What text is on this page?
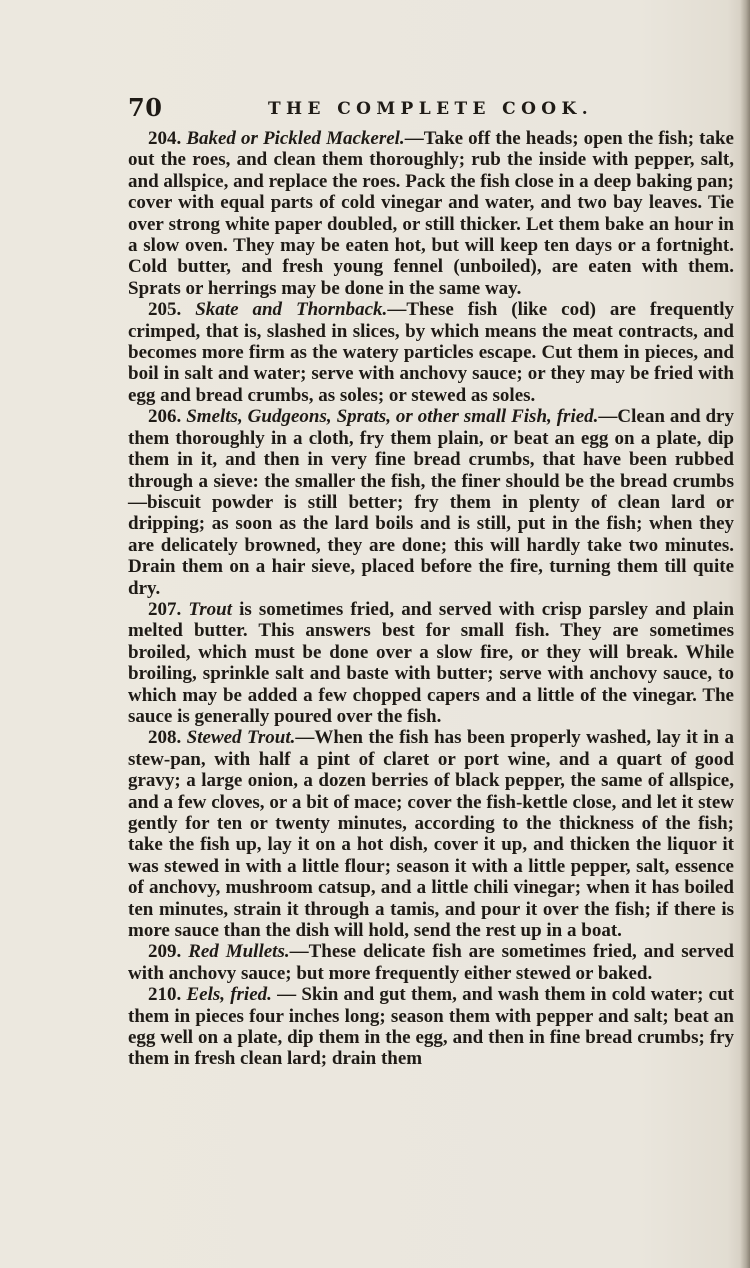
70	THE COMPLETE COOK.

204. Baked or Pickled Mackerel.—Take off the heads; open the fish; take out the roes, and clean them thoroughly; rub the inside with pepper, salt, and allspice, and replace the roes. Pack the fish close in a deep baking pan; cover with equal parts of cold vinegar and water, and two bay leaves. Tie over strong white paper doubled, or still thicker. Let them bake an hour in a slow oven. They may be eaten hot, but will keep ten days or a fortnight. Cold butter, and fresh young fennel (unboiled), are eaten with them. Sprats or herrings may be done in the same way.

205. Skate and Thornback.—These fish (like cod) are frequently crimped, that is, slashed in slices, by which means the meat contracts, and becomes more firm as the watery particles escape. Cut them in pieces, and boil in salt and water; serve with anchovy sauce; or they may be fried with egg and bread crumbs, as soles; or stewed as soles.

206. Smelts, Gudgeons, Sprats, or other small Fish, fried.—Clean and dry them thoroughly in a cloth, fry them plain, or beat an egg on a plate, dip them in it, and then in very fine bread crumbs, that have been rubbed through a sieve: the smaller the fish, the finer should be the bread crumbs—biscuit powder is still better; fry them in plenty of clean lard or dripping; as soon as the lard boils and is still, put in the fish; when they are delicately browned, they are done; this will hardly take two minutes. Drain them on a hair sieve, placed before the fire, turning them till quite dry.

207. Trout is sometimes fried, and served with crisp parsley and plain melted butter. This answers best for small fish. They are sometimes broiled, which must be done over a slow fire, or they will break. While broiling, sprinkle salt and baste with butter; serve with anchovy sauce, to which may be added a few chopped capers and a little of the vinegar. The sauce is generally poured over the fish.

208. Stewed Trout.—When the fish has been properly washed, lay it in a stew-pan, with half a pint of claret or port wine, and a quart of good gravy; a large onion, a dozen berries of black pepper, the same of allspice, and a few cloves, or a bit of mace; cover the fish-kettle close, and let it stew gently for ten or twenty minutes, according to the thickness of the fish; take the fish up, lay it on a hot dish, cover it up, and thicken the liquor it was stewed in with a little flour; season it with a little pepper, salt, essence of anchovy, mushroom catsup, and a little chili vinegar; when it has boiled ten minutes, strain it through a tamis, and pour it over the fish; if there is more sauce than the dish will hold, send the rest up in a boat.

209. Red Mullets.—These delicate fish are sometimes fried, and served with anchovy sauce; but more frequently either stewed or baked.

210. Eels, fried. — Skin and gut them, and wash them in cold water; cut them in pieces four inches long; season them with pepper and salt; beat an egg well on a plate, dip them in the egg, and then in fine bread crumbs; fry them in fresh clean lard; drain them
